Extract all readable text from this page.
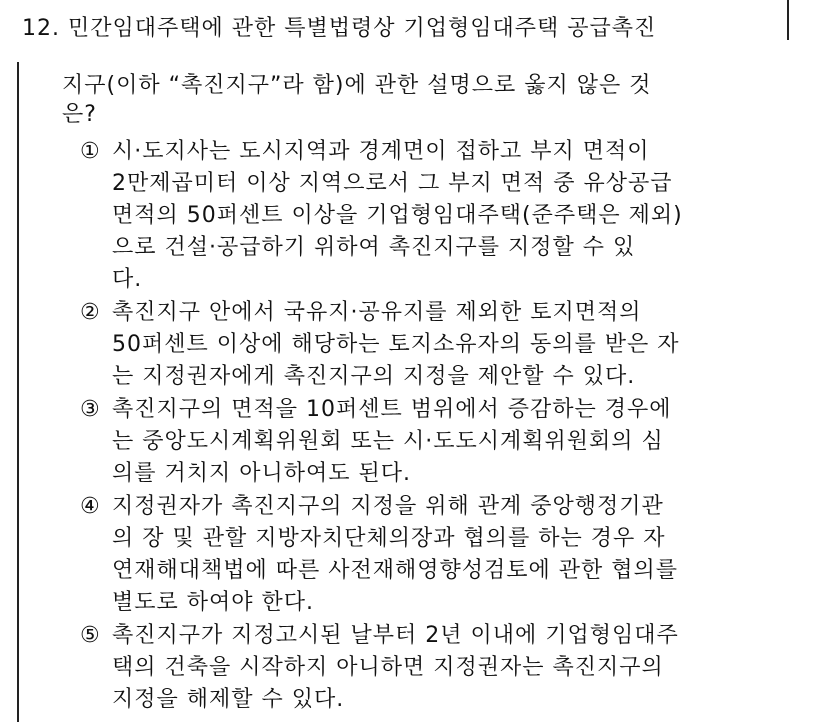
12. 민간임대주택에 관한 특별법령상 기업형임대주택 공급촉진
지구(이하 “촉진지구”라 함)에 관한 설명으로 옳지 않은 것
은?
① 시·도지사는 도시지역과 경계면이 접하고 부지 면적이
2만제곱미터 이상 지역으로서 그 부지 면적 중 유상공급
면적의 50퍼센트 이상을 기업형임대주택(준주택은 제외)
으로 건설·공급하기 위하여 촉진지구를 지정할 수 있
다.
② 촉진지구 안에서 국유지·공유지를 제외한 토지면적의
50퍼센트 이상에 해당하는 토지소유자의 동의를 받은 자
는 지정권자에게 촉진지구의 지정을 제안할 수 있다.
③ 촉진지구의 면적을 10퍼센트 범위에서 증감하는 경우에
는 중앙도시계획위원회 또는 시·도도시계획위원회의 심
의를 거치지 아니하여도 된다.
④ 지정권자가 촉진지구의 지정을 위해 관계 중앙행정기관
의 장 및 관할 지방자치단체의장과 협의를 하는 경우 자
연재해대책법에 따른 사전재해영향성검토에 관한 협의를
별도로 하여야 한다.
⑤ 촉진지구가 지정고시된 날부터 2년 이내에 기업형임대주
택의 건축을 시작하지 아니하면 지정권자는 촉진지구의
지정을 해제할 수 있다.
